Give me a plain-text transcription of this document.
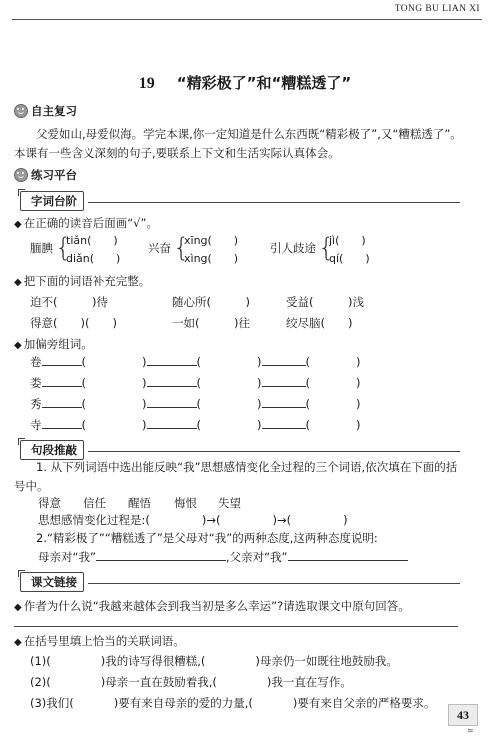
TONG BU LIAN XI
19 “精彩极了”和“糟糕透了”
自主复习
父爱如山,母爱似海。学完本课,你一定知道是什么东西既“精彩极了”,又“糟糕透了”。
本课有一些含义深刻的句子,要联系上下文和生活实际认真体会。
练习平台
字词台阶
◆ 在正确的读音后面画“√”。
腼腆 {
tiǎn(　　)
diǎn(　　)
兴奋 {
xīng(　　)
xìng(　　)
引人歧途 {
jì(　　)
qí(　　)
◆ 把下面的词语补充完整。
迫不(　　　)待	随心所(　　　)	受益(　　　)浅
得意(　　)(　　)	一如(　　　)往	绞尽脑(　　)
◆ 加偏旁组词。
卷	(	)	(	)	(	)
娄	(	)	(	)	(	)
秀	(	)	(	)	(	)
寺	(	)	(	)	(	)
句段推敲
1. 从下列词语中选出能反映“我”思想感情变化全过程的三个词语,依次填在下面的括
号中。
得意 信任 醒悟 悔恨 失望
思想感情变化过程是:(	)→(	)→(	)
2.“精彩极了”“糟糕透了”是父母对“我”的两种态度,这两种态度说明:
母亲对“我”	,父亲对“我”
课文链接
◆ 作者为什么说“我越来越体会到我当初是多么幸运”?请选取课文中原句回答。
◆ 在括号里填上恰当的关联词语。
(1)(	)我的诗写得很糟糕,(	)母亲仍一如既往地鼓励我。
(2)(	)母亲一直在鼓励着我,(	)我一直在写作。
(3)我们(	)要有来自母亲的爱的力量,(	)要有来自父亲的严格要求。
43
≈
